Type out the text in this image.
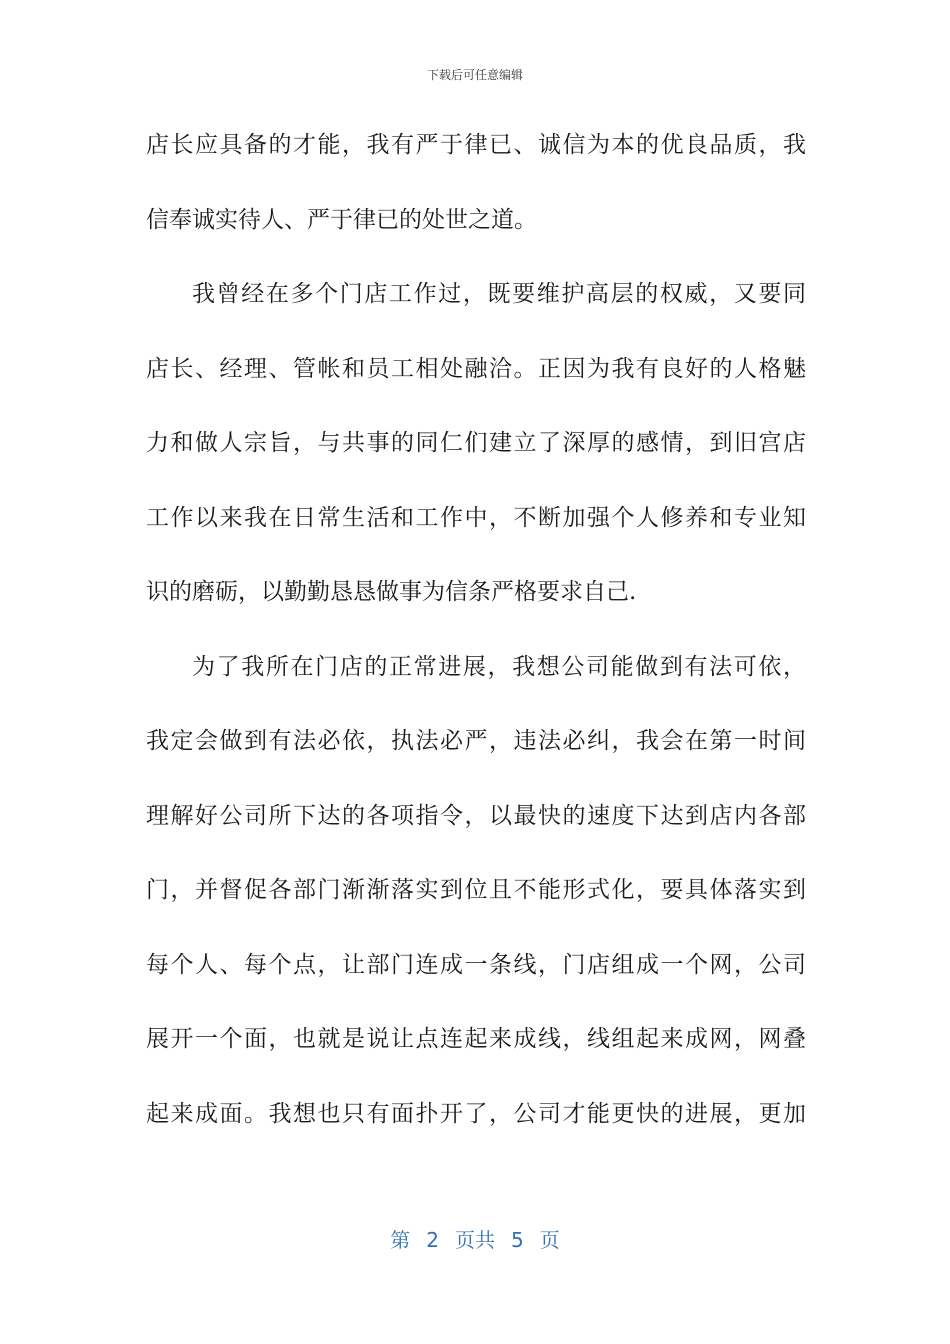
下载后可任意编辑
店长应具备的才能，我有严于律已、诚信为本的优良品质，我
信奉诚实待人、严于律已的处世之道。
我曾经在多个门店工作过，既要维护高层的权威，又要同
店长、经理、管帐和员工相处融洽。正因为我有良好的人格魅
力和做人宗旨，与共事的同仁们建立了深厚的感情，到旧宫店
工作以来我在日常生活和工作中，不断加强个人修养和专业知
识的磨砺，以勤勤恳恳做事为信条严格要求自己.
为了我所在门店的正常进展，我想公司能做到有法可依，
我定会做到有法必依，执法必严，违法必纠，我会在第一时间
理解好公司所下达的各项指令，以最快的速度下达到店内各部
门，并督促各部门渐渐落实到位且不能形式化，要具体落实到
每个人、每个点，让部门连成一条线，门店组成一个网，公司
展开一个面，也就是说让点连起来成线，线组起来成网，网叠
起来成面。我想也只有面扑开了，公司才能更快的进展，更加
第 2 页共 5 页
